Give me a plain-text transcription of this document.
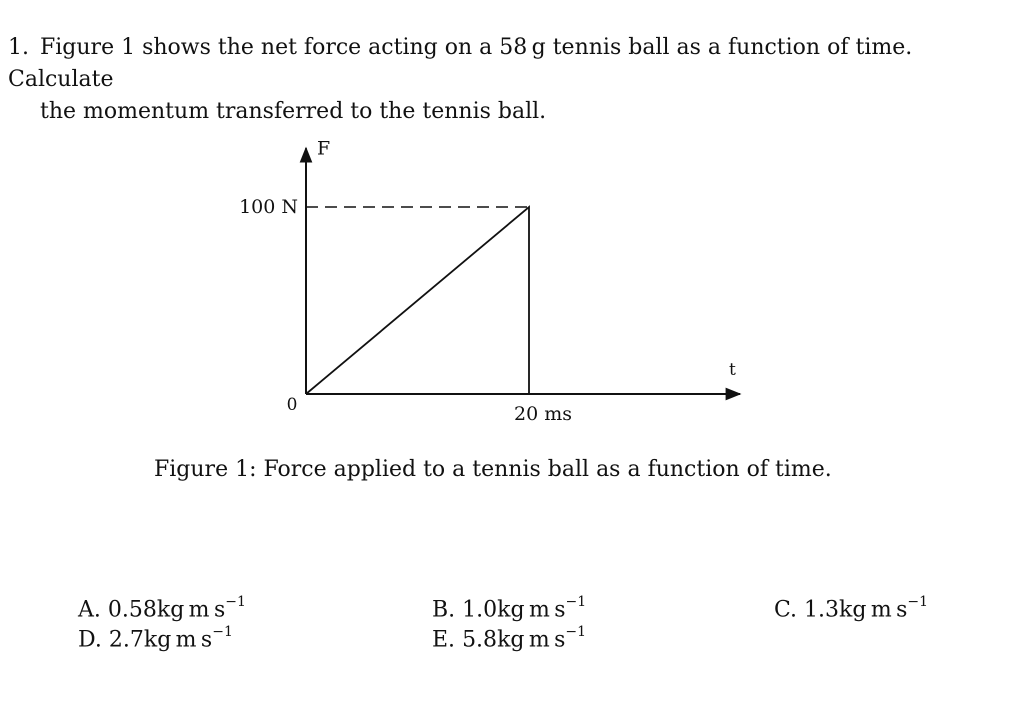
1. Figure 1 shows the net force acting on a 58 g tennis ball as a function of time. Calculate
the momentum transferred to the tennis ball.
F
t
100 N
20 ms
0
Figure 1: Force applied to a tennis ball as a function of time.
A. 0.58kg m $s^{-1}$	B. 1.0kg m $s^{-1}$	C. 1.3kg m $s^{-1}$
D. 2.7kg m $s^{-1}$	E. 5.8kg m $s^{-1}$
